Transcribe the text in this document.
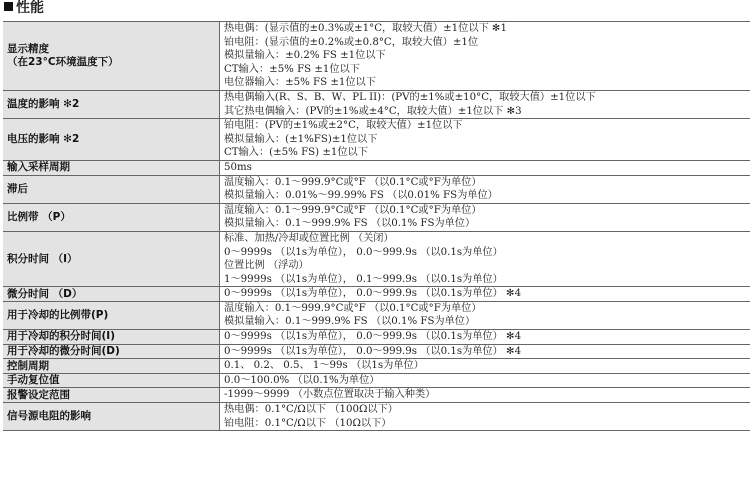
性能
显示精度
（在23°C环境温度下）	热电偶：(显示值的±0.3%或±1°C，取较大值）±1位以下 ✻1
铂电阻：(显示值的±0.2%或±0.8°C，取较大值）±1位
模拟量输入：±0.2% FS ±1位以下
CT输入：±5% FS ±1位以下
电位器输入：±5% FS ±1位以下

温度的影响 ✻2	热电偶输入(R、S、B、W、PL II)：(PV的±1%或±10°C，取较大值）±1位以下
其它热电偶输入：(PV的±1%或±4°C，取较大值）±1位以下 ✻3

电压的影响 ✻2	铂电阻：(PV的±1%或±2°C，取较大值）±1位以下
模拟量输入：(±1%FS)±1位以下
CT输入：(±5% FS) ±1位以下

输入采样周期	50ms

滞后	温度输入：0.1～999.9°C或°F （以0.1°C或°F为单位）
模拟量输入：0.01%～99.99% FS （以0.01% FS为单位）

比例带 （P）	温度输入：0.1～999.9°C或°F （以0.1°C或°F为单位）
模拟量输入：0.1～999.9% FS （以0.1% FS为单位）

积分时间 （I）	标准、加热/冷却或位置比例 （关闭）
0～9999s （以1s为单位）， 0.0～999.9s （以0.1s为单位）
位置比例 （浮动）
1～9999s （以1s为单位）， 0.1～999.9s （以0.1s为单位）

微分时间 （D）	0～9999s （以1s为单位）， 0.0～999.9s （以0.1s为单位） ✻4

用于冷却的比例带(P)	温度输入：0.1～999.9°C或°F （以0.1°C或°F为单位）
模拟量输入：0.1～999.9% FS （以0.1% FS为单位）

用于冷却的积分时间(I)	0～9999s （以1s为单位）， 0.0～999.9s （以0.1s为单位） ✻4

用于冷却的微分时间(D)	0～9999s （以1s为单位）， 0.0～999.9s （以0.1s为单位） ✻4

控制周期	0.1、 0.2、 0.5、 1～99s （以1s为单位）

手动复位值	0.0～100.0% （以0.1%为单位）

报警设定范围	-1999～9999 （小数点位置取决于输入种类）

信号源电阻的影响	热电偶：0.1°C/Ω以下 （100Ω以下）
铂电阻：0.1°C/Ω以下 （10Ω以下）
